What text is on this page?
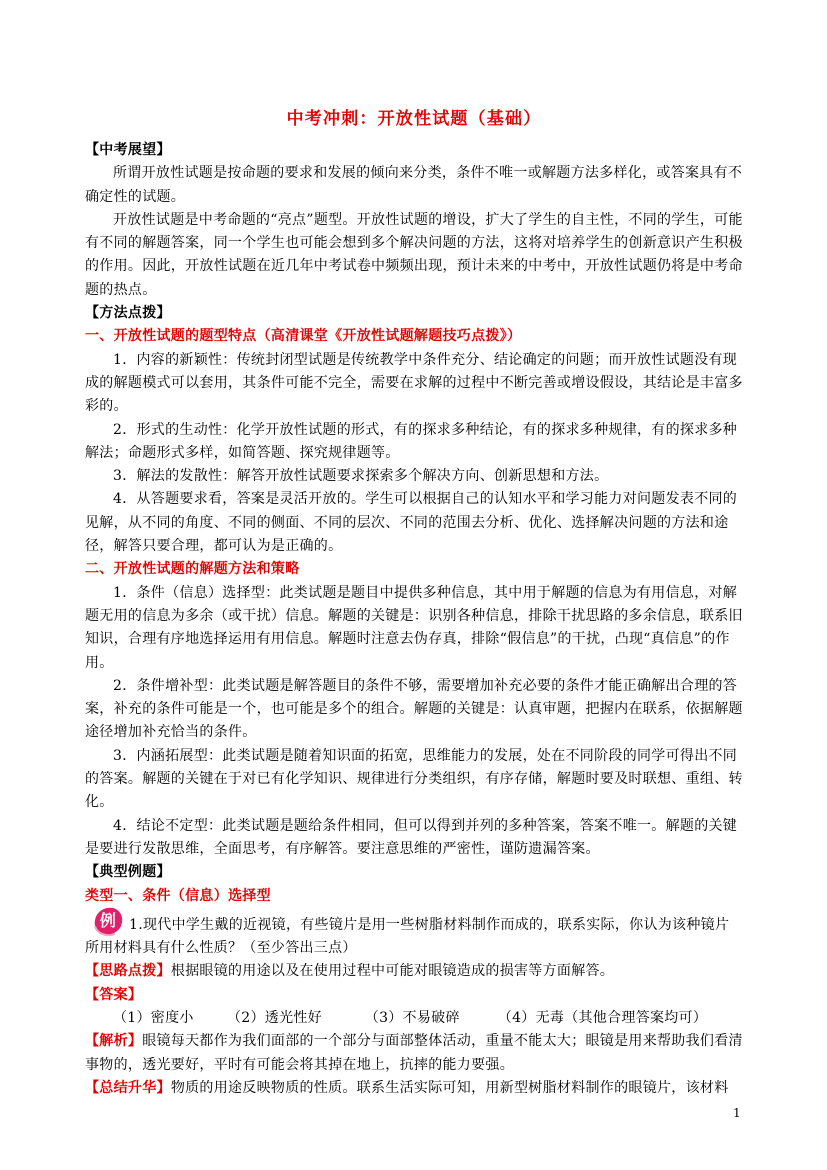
中考冲刺：开放性试题（基础）

【中考展望】

所谓开放性试题是按命题的要求和发展的倾向来分类，条件不唯一或解题方法多样化，或答案具有不确定性的试题。

开放性试题是中考命题的“亮点”题型。开放性试题的增设，扩大了学生的自主性，不同的学生，可能有不同的解题答案，同一个学生也可能会想到多个解决问题的方法，这将对培养学生的创新意识产生积极的作用。因此，开放性试题在近几年中考试卷中频频出现，预计未来的中考中，开放性试题仍将是中考命题的热点。

【方法点拨】

一、开放性试题的题型特点（高清课堂《开放性试题解题技巧点拨》）

1．内容的新颖性：传统封闭型试题是传统教学中条件充分、结论确定的问题；而开放性试题没有现成的解题模式可以套用，其条件可能不完全，需要在求解的过程中不断完善或增设假设，其结论是丰富多彩的。

2．形式的生动性：化学开放性试题的形式，有的探求多种结论，有的探求多种规律，有的探求多种解法；命题形式多样，如简答题、探究规律题等。

3．解法的发散性：解答开放性试题要求探索多个解决方向、创新思想和方法。

4．从答题要求看，答案是灵活开放的。学生可以根据自己的认知水平和学习能力对问题发表不同的见解，从不同的角度、不同的侧面、不同的层次、不同的范围去分析、优化、选择解决问题的方法和途径，解答只要合理，都可认为是正确的。

二、开放性试题的解题方法和策略

1．条件（信息）选择型：此类试题是题目中提供多种信息，其中用于解题的信息为有用信息，对解题无用的信息为多余（或干扰）信息。解题的关键是：识别各种信息，排除干扰思路的多余信息，联系旧知识，合理有序地选择运用有用信息。解题时注意去伪存真，排除“假信息”的干扰，凸现“真信息”的作用。

2．条件增补型：此类试题是解答题目的条件不够，需要增加补充必要的条件才能正确解出合理的答案，补充的条件可能是一个，也可能是多个的组合。解题的关键是：认真审题，把握内在联系，依据解题途径增加补充恰当的条件。

3．内涵拓展型：此类试题是随着知识面的拓宽，思维能力的发展，处在不同阶段的同学可得出不同的答案。解题的关键在于对已有化学知识、规律进行分类组织，有序存储，解题时要及时联想、重组、转化。

4．结论不定型：此类试题是题给条件相同，但可以得到并列的多种答案，答案不唯一。解题的关键是要进行发散思维，全面思考，有序解答。要注意思维的严密性，谨防遗漏答案。

【典型例题】

类型一、条件（信息）选择型

例 1.现代中学生戴的近视镜，有些镜片是用一些树脂材料制作而成的，联系实际，你认为该种镜片所用材料具有什么性质？（至少答出三点）

【思路点拨】根据眼镜的用途以及在使用过程中可能对眼镜造成的损害等方面解答。

【答案】

（1）密度小 （2）透光性好	（3）不易破碎	（4）无毒（其他合理答案均可）

【解析】眼镜每天都作为我们面部的一个部分与面部整体活动，重量不能太大；眼镜是用来帮助我们看清事物的，透光要好，平时有可能会将其掉在地上，抗摔的能力要强。

【总结升华】物质的用途反映物质的性质。联系生活实际可知，用新型树脂材料制作的眼镜片，该材料

1
